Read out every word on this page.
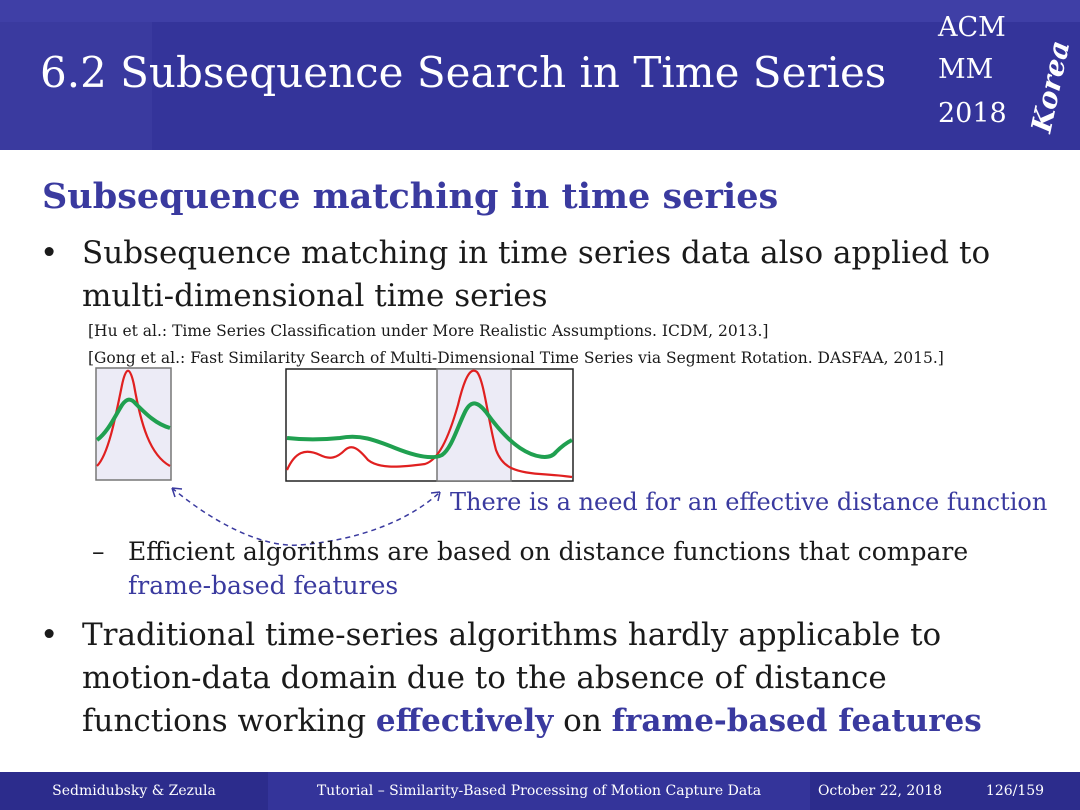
6.2 Subsequence Search in Time Series
ACM
MM
2018 Korea
Subsequence matching in time series
• Subsequence matching in time series data also applied to multi-dimensional time series
[Hu et al.: Time Series Classification under More Realistic Assumptions. ICDM, 2013.]
[Gong et al.: Fast Similarity Search of Multi-Dimensional Time Series via Segment Rotation. DASFAA, 2015.]
There is a need for an effective distance function
– Efficient algorithms are based on distance functions that compare
frame-based features
• Traditional time-series algorithms hardly applicable to motion-data domain due to the absence of distance functions working effectively on frame-based features
Sedmidubsky & Zezula	Tutorial – Similarity-Based Processing of Motion Capture Data	October 22, 2018	126/159
